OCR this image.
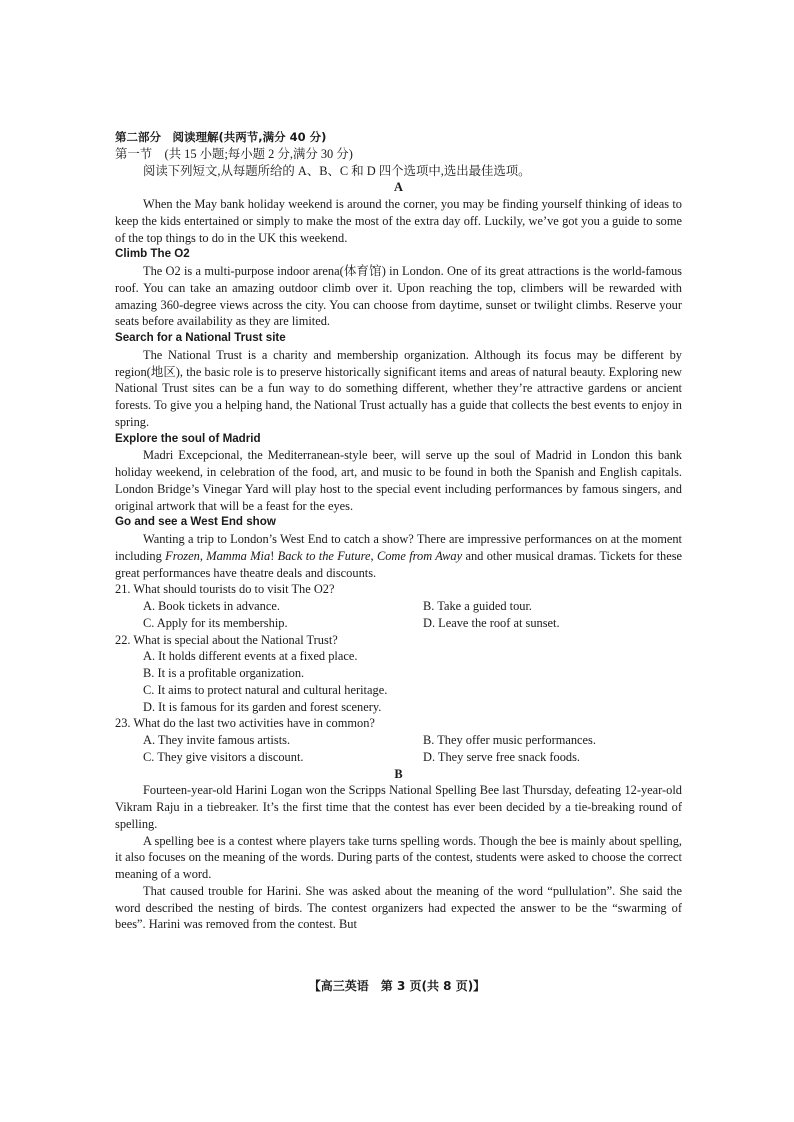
第二部分　阅读理解(共两节,满分 40 分)
第一节　(共 15 小题;每小题 2 分,满分 30 分)
阅读下列短文,从每题所给的 A、B、C 和 D 四个选项中,选出最佳选项。
A

When the May bank holiday weekend is around the corner, you may be finding yourself thinking of ideas to keep the kids entertained or simply to make the most of the extra day off. Luckily, we’ve got you a guide to some of the top things to do in the UK this weekend.

Climb The O2

The O2 is a multi-purpose indoor arena(体育馆) in London. One of its great attractions is the world-famous roof. You can take an amazing outdoor climb over it. Upon reaching the top, climbers will be rewarded with amazing 360-degree views across the city. You can choose from daytime, sunset or twilight climbs. Reserve your seats before availability as they are limited.

Search for a National Trust site

The National Trust is a charity and membership organization. Although its focus may be different by region(地区), the basic role is to preserve historically significant items and areas of natural beauty. Exploring new National Trust sites can be a fun way to do something different, whether they’re attractive gardens or ancient forests. To give you a helping hand, the National Trust actually has a guide that collects the best events to enjoy in spring.

Explore the soul of Madrid

Madri Excepcional, the Mediterranean-style beer, will serve up the soul of Madrid in London this bank holiday weekend, in celebration of the food, art, and music to be found in both the Spanish and English capitals. London Bridge’s Vinegar Yard will play host to the special event including performances by famous singers, and original artwork that will be a feast for the eyes.

Go and see a West End show

Wanting a trip to London’s West End to catch a show? There are impressive performances on at the moment including Frozen, Mamma Mia! Back to the Future, Come from Away and other musical dramas. Tickets for these great performances have theatre deals and discounts.

21. What should tourists do to visit The O2?
A. Book tickets in advance.	B. Take a guided tour.
C. Apply for its membership.	D. Leave the roof at sunset.
22. What is special about the National Trust?
A. It holds different events at a fixed place.
B. It is a profitable organization.
C. It aims to protect natural and cultural heritage.
D. It is famous for its garden and forest scenery.
23. What do the last two activities have in common?
A. They invite famous artists.	B. They offer music performances.
C. They give visitors a discount.	D. They serve free snack foods.
B

Fourteen-year-old Harini Logan won the Scripps National Spelling Bee last Thursday, defeating 12-year-old Vikram Raju in a tiebreaker. It’s the first time that the contest has ever been decided by a tie-breaking round of spelling.

A spelling bee is a contest where players take turns spelling words. Though the bee is mainly about spelling, it also focuses on the meaning of the words. During parts of the contest, students were asked to choose the correct meaning of a word.

That caused trouble for Harini. She was asked about the meaning of the word “pullulation”. She said the word described the nesting of birds. The contest organizers had expected the answer to be the “swarming of bees”. Harini was removed from the contest. But

【高三英语　第 3 页(共 8 页)】
